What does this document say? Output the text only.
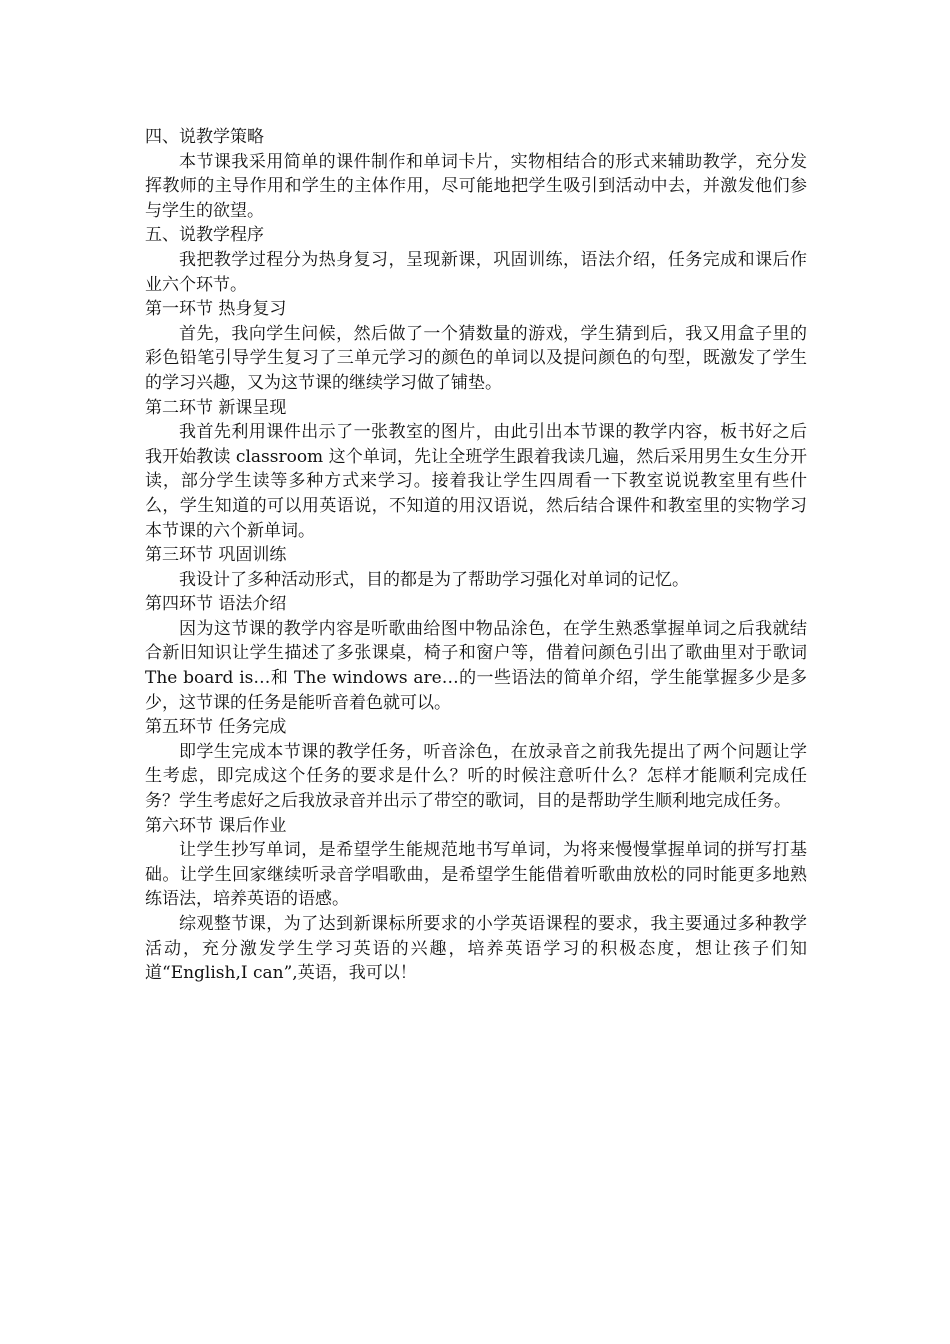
四、说教学策略

本节课我采用简单的课件制作和单词卡片，实物相结合的形式来辅助教学，充分发挥教师的主导作用和学生的主体作用，尽可能地把学生吸引到活动中去，并激发他们参与学生的欲望。

五、说教学程序

我把教学过程分为热身复习，呈现新课，巩固训练，语法介绍，任务完成和课后作业六个环节。

第一环节 热身复习

首先，我向学生问候，然后做了一个猜数量的游戏，学生猜到后，我又用盒子里的彩色铅笔引导学生复习了三单元学习的颜色的单词以及提问颜色的句型，既激发了学生的学习兴趣，又为这节课的继续学习做了铺垫。

第二环节 新课呈现

我首先利用课件出示了一张教室的图片，由此引出本节课的教学内容，板书好之后我开始教读 classroom 这个单词，先让全班学生跟着我读几遍，然后采用男生女生分开读，部分学生读等多种方式来学习。接着我让学生四周看一下教室说说教室里有些什么，学生知道的可以用英语说，不知道的用汉语说，然后结合课件和教室里的实物学习本节课的六个新单词。

第三环节 巩固训练

我设计了多种活动形式，目的都是为了帮助学习强化对单词的记忆。

第四环节 语法介绍

因为这节课的教学内容是听歌曲给图中物品涂色，在学生熟悉掌握单词之后我就结合新旧知识让学生描述了多张课桌，椅子和窗户等，借着问颜色引出了歌曲里对于歌词 The board is…和 The windows are…的一些语法的简单介绍，学生能掌握多少是多少，这节课的任务是能听音着色就可以。

第五环节 任务完成

即学生完成本节课的教学任务，听音涂色，在放录音之前我先提出了两个问题让学生考虑，即完成这个任务的要求是什么？听的时候注意听什么？怎样才能顺利完成任务？学生考虑好之后我放录音并出示了带空的歌词，目的是帮助学生顺利地完成任务。

第六环节 课后作业

让学生抄写单词，是希望学生能规范地书写单词，为将来慢慢掌握单词的拼写打基础。让学生回家继续听录音学唱歌曲，是希望学生能借着听歌曲放松的同时能更多地熟练语法，培养英语的语感。

综观整节课，为了达到新课标所要求的小学英语课程的要求，我主要通过多种教学活动，充分激发学生学习英语的兴趣，培养英语学习的积极态度，想让孩子们知道“English,I can”,英语，我可以！
